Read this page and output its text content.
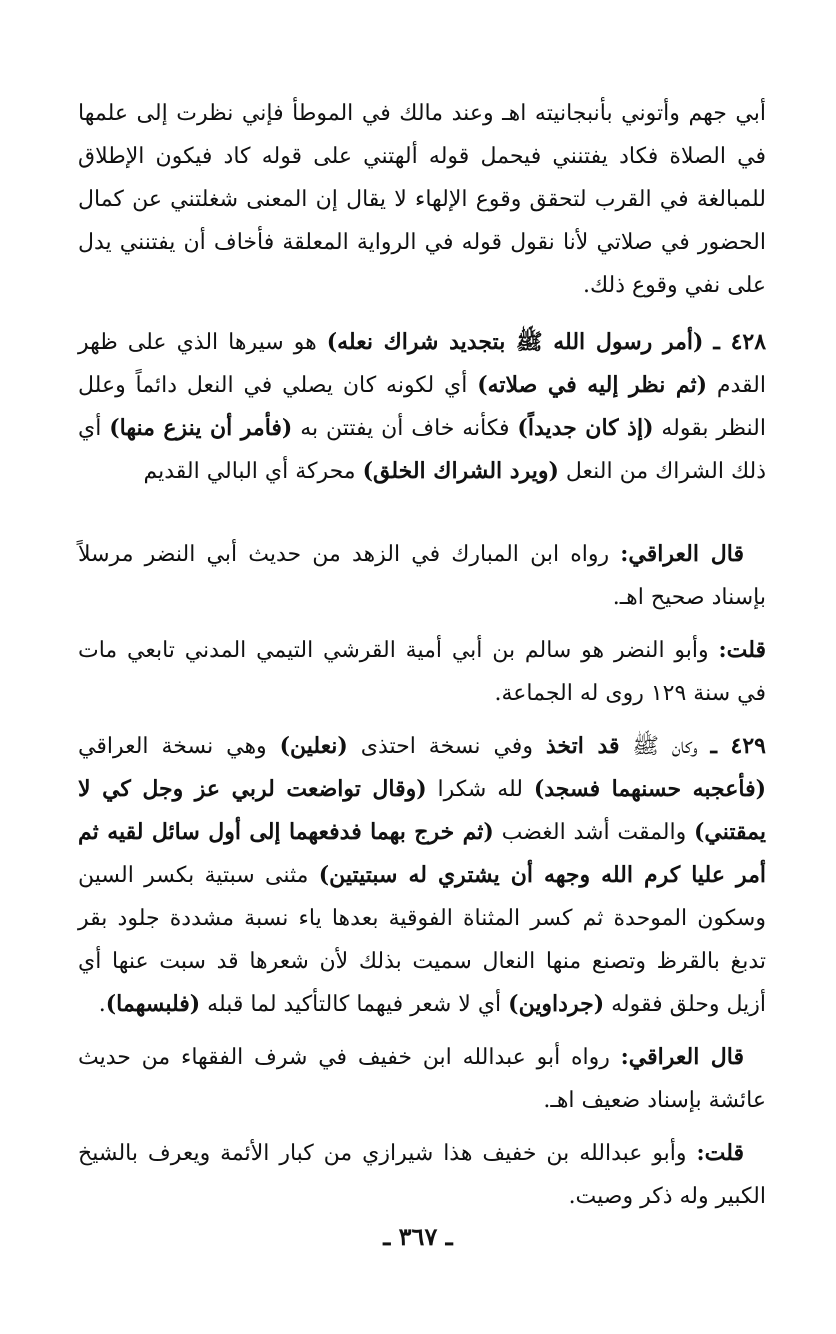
أبي جهم وأتوني بأنبجانيته اهـ وعند مالك في الموطأ فإني نظرت إلى علمها في الصلاة فكاد يفتنني فيحمل قوله ألهتني على قوله كاد فيكون الإطلاق للمبالغة في القرب لتحقق وقوع الإلهاء لا يقال إن المعنى شغلتني عن كمال الحضور في صلاتي لأنا نقول قوله في الرواية المعلقة فأخاف أن يفتنني يدل على نفي وقوع ذلك.

٤٢٨ ـ (أمر رسول الله ﷺ بتجديد شراك نعله) هو سيرها الذي على ظهر القدم (ثم نظر إليه في صلاته) أي لكونه كان يصلي في النعل دائماً وعلل النظر بقوله (إذ كان جديداً) فكأنه خاف أن يفتتن به (فأمر أن ينزع منها) أي ذلك الشراك من النعل (ويرد الشراك الخلق) محركة أي البالي القديم

قال العراقي: رواه ابن المبارك في الزهد من حديث أبي النضر مرسلاً بإسناد صحيح اهـ.

قلت: وأبو النضر هو سالم بن أبي أمية القرشي التيمي المدني تابعي مات في سنة ١٢٩ روى له الجماعة.

٤٢٩ ـ وكان ﷺ قد اتخذ وفي نسخة احتذى (نعلين) وهي نسخة العراقي (فأعجبه حسنهما فسجد) لله شكرا (وقال تواضعت لربي عز وجل كي لا يمقتني) والمقت أشد الغضب (ثم خرج بهما فدفعهما إلى أول سائل لقيه ثم أمر عليا كرم الله وجهه أن يشتري له سبتيتين) مثنى سبتية بكسر السين وسكون الموحدة ثم كسر المثناة الفوقية بعدها ياء نسبة مشددة جلود بقر تدبغ بالقرظ وتصنع منها النعال سميت بذلك لأن شعرها قد سبت عنها أي أزيل وحلق فقوله (جرداوين) أي لا شعر فيهما كالتأكيد لما قبله (فلبسهما).

قال العراقي: رواه أبو عبدالله ابن خفيف في شرف الفقهاء من حديث عائشة بإسناد ضعيف اهـ.

قلت: وأبو عبدالله بن خفيف هذا شيرازي من كبار الأئمة ويعرف بالشيخ الكبير وله ذكر وصيت.

ـ ٣٦٧ ـ
